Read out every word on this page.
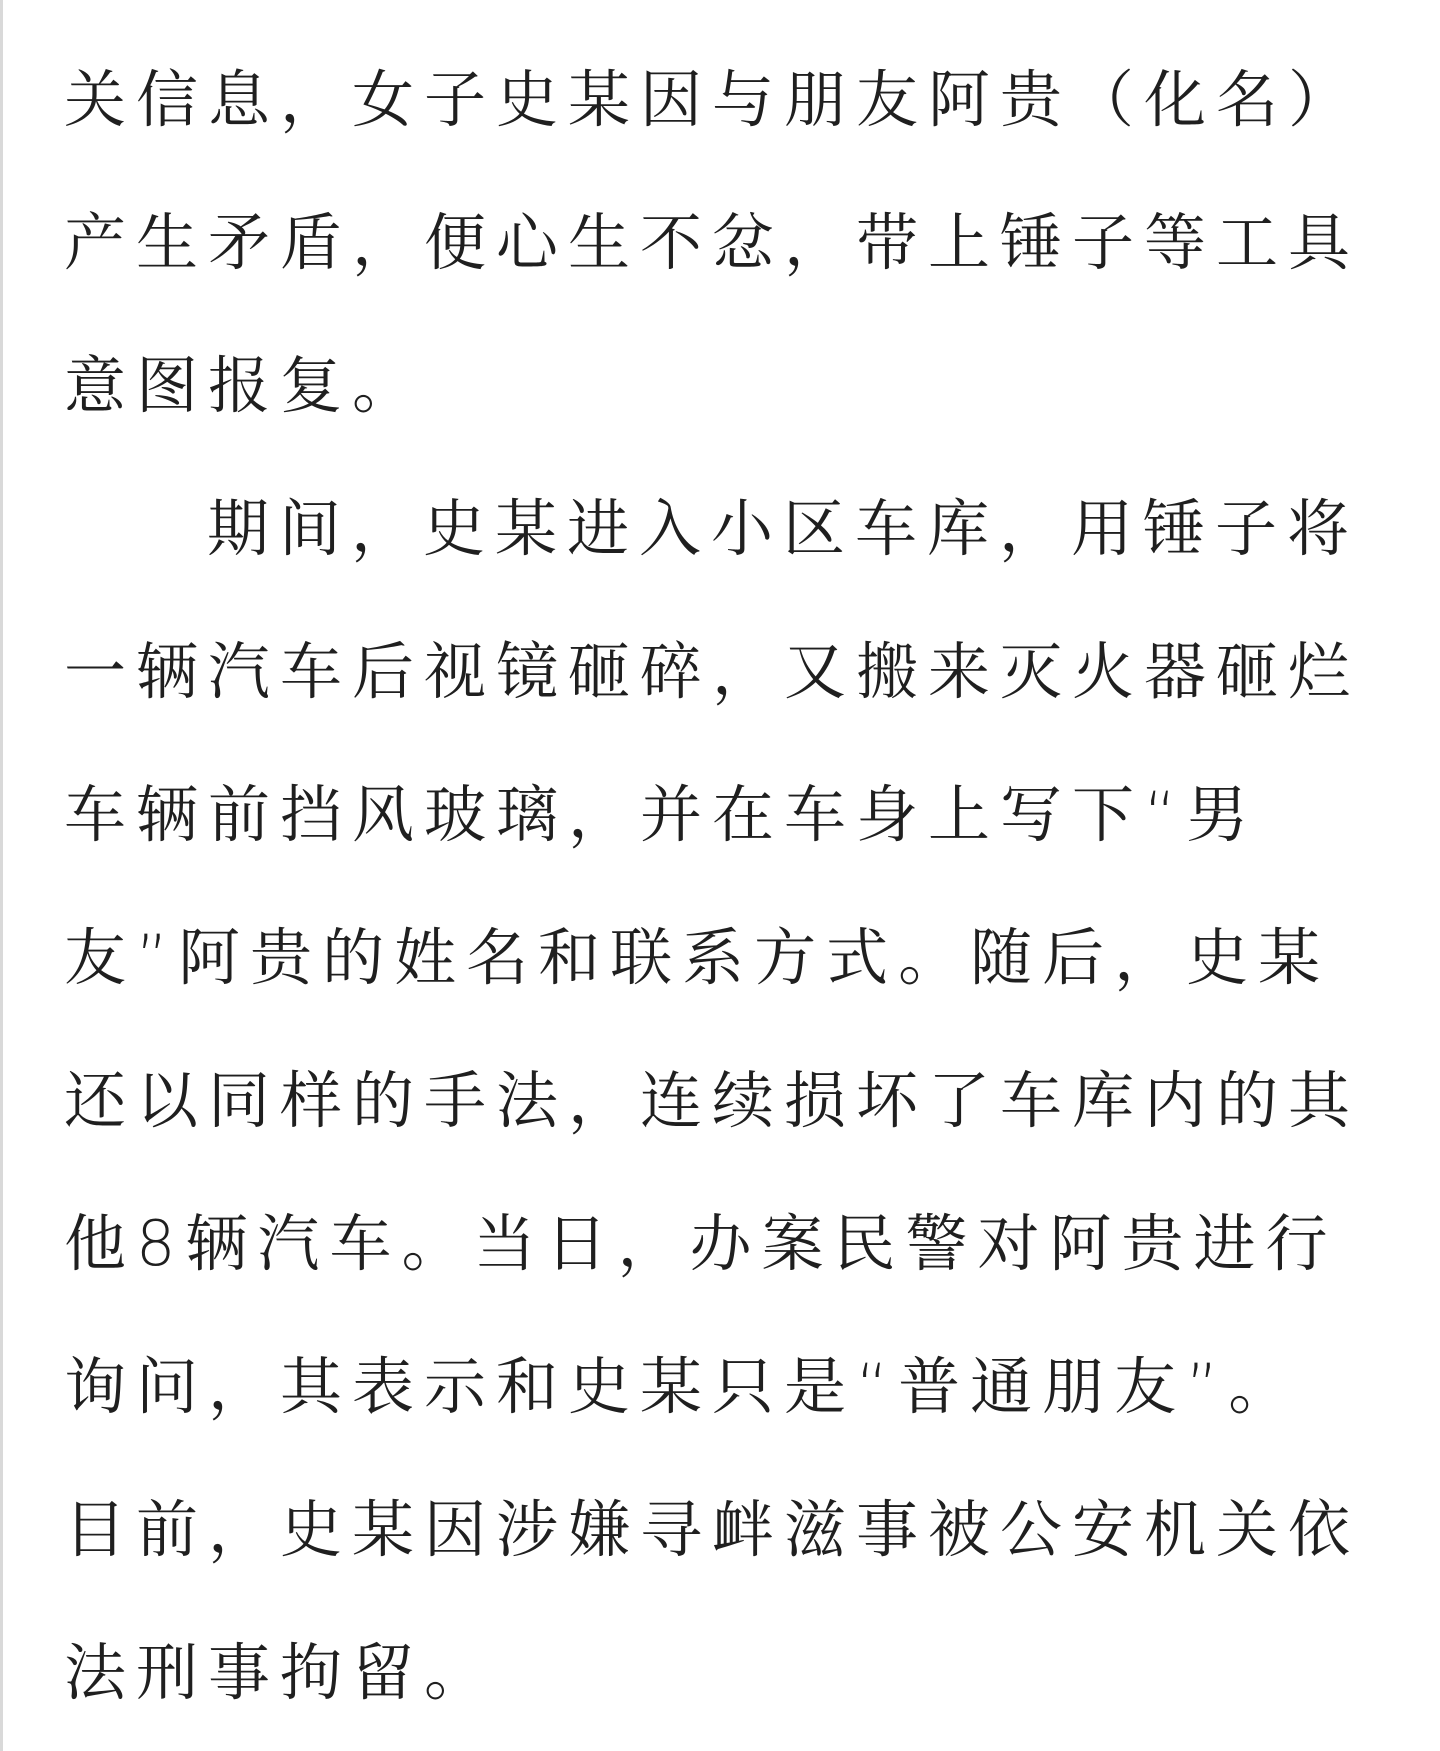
关信息，女子史某因与朋友阿贵（化名）
产生矛盾，便心生不忿，带上锤子等工具
意图报复。
期间，史某进入小区车库，用锤子将
一辆汽车后视镜砸碎，又搬来灭火器砸烂
车辆前挡风玻璃，并在车身上写下“男
友”阿贵的姓名和联系方式。随后，史某
还以同样的手法，连续损坏了车库内的其
他8辆汽车。当日，办案民警对阿贵进行
询问，其表示和史某只是“普通朋友”。
目前，史某因涉嫌寻衅滋事被公安机关依
法刑事拘留。
